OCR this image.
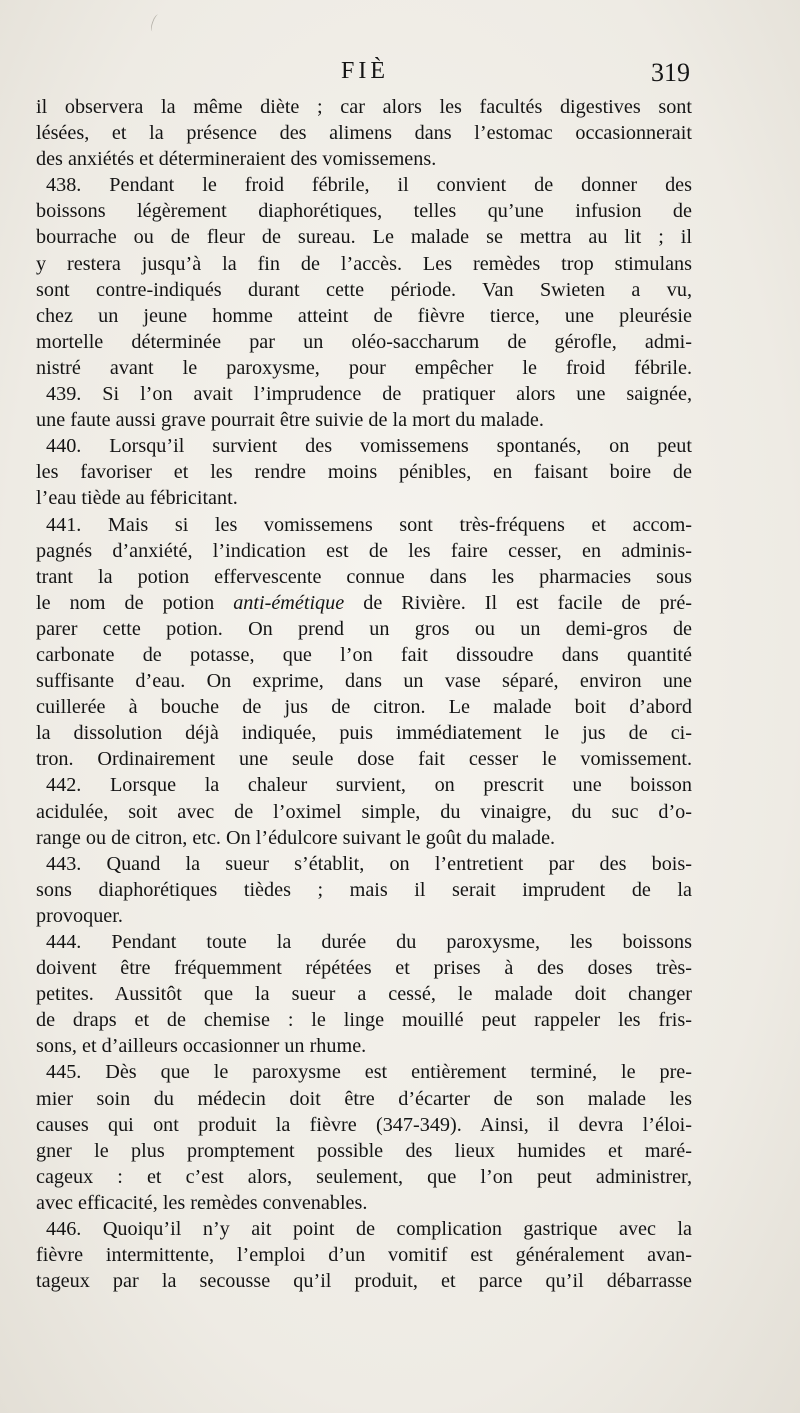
FIÈ	319
il observera la même diète ; car alors les facultés digestives sont
lésées, et la présence des alimens dans l’estomac occasionnerait
des anxiétés et détermineraient des vomissemens.
438. Pendant le froid fébrile, il convient de donner des
boissons légèrement diaphorétiques, telles qu’une infusion de
bourrache ou de fleur de sureau. Le malade se mettra au lit ; il
y restera jusqu’à la fin de l’accès. Les remèdes trop stimulans
sont contre-indiqués durant cette période. Van Swieten a vu,
chez un jeune homme atteint de fièvre tierce, une pleurésie
mortelle déterminée par un oléo-saccharum de gérofle, admi-
nistré avant le paroxysme, pour empêcher le froid fébrile.
439. Si l’on avait l’imprudence de pratiquer alors une saignée,
une faute aussi grave pourrait être suivie de la mort du malade.
440. Lorsqu’il survient des vomissemens spontanés, on peut
les favoriser et les rendre moins pénibles, en faisant boire de
l’eau tiède au fébricitant.
441. Mais si les vomissemens sont très-fréquens et accom-
pagnés d’anxiété, l’indication est de les faire cesser, en adminis-
trant la potion effervescente connue dans les pharmacies sous
le nom de potion anti-émétique de Rivière. Il est facile de pré-
parer cette potion. On prend un gros ou un demi-gros de
carbonate de potasse, que l’on fait dissoudre dans quantité
suffisante d’eau. On exprime, dans un vase séparé, environ une
cuillerée à bouche de jus de citron. Le malade boit d’abord
la dissolution déjà indiquée, puis immédiatement le jus de ci-
tron. Ordinairement une seule dose fait cesser le vomissement.
442. Lorsque la chaleur survient, on prescrit une boisson
acidulée, soit avec de l’oximel simple, du vinaigre, du suc d’o-
range ou de citron, etc. On l’édulcore suivant le goût du malade.
443. Quand la sueur s’établit, on l’entretient par des bois-
sons diaphorétiques tièdes ; mais il serait imprudent de la
provoquer.
444. Pendant toute la durée du paroxysme, les boissons
doivent être fréquemment répétées et prises à des doses très-
petites. Aussitôt que la sueur a cessé, le malade doit changer
de draps et de chemise : le linge mouillé peut rappeler les fris-
sons, et d’ailleurs occasionner un rhume.
445. Dès que le paroxysme est entièrement terminé, le pre-
mier soin du médecin doit être d’écarter de son malade les
causes qui ont produit la fièvre (347-349). Ainsi, il devra l’éloi-
gner le plus promptement possible des lieux humides et maré-
cageux : et c’est alors, seulement, que l’on peut administrer,
avec efficacité, les remèdes convenables.
446. Quoiqu’il n’y ait point de complication gastrique avec la
fièvre intermittente, l’emploi d’un vomitif est généralement avan-
tageux par la secousse qu’il produit, et parce qu’il débarrasse
